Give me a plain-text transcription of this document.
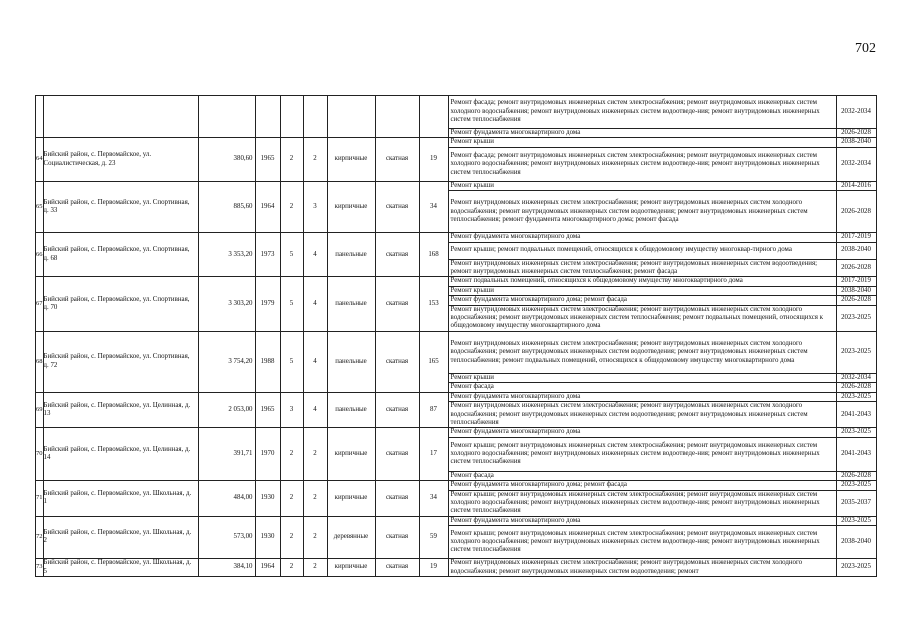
702
									Ремонт фасада; ремонт внутридомовых инженерных систем электроснабжения; ремонт внутридомовых инженерных систем холодного водоснабжения; ремонт внутридомовых инженерных систем водоотведе-ния; ремонт внутридомовых инженерных систем теплоснабжения	2032-2034
									Ремонт фундамента многоквартирного дома	2026-2028
64	Бийский район, с. Первомайское, ул. Социалистическая, д. 23	380,60	1965	2	2	кирпичные	скатная	19	Ремонт крыши	2038-2040
									Ремонт фасада; ремонт внутридомовых инженерных систем электроснабжения; ремонт внутридомовых инженерных систем холодного водоснабжения; ремонт внутридомовых инженерных систем водоотведе-ния; ремонт внутридомовых инженерных систем теплоснабжения	2032-2034
65	Бийский район, с. Первомайское, ул. Спортивная, д. 33	885,60	1964	2	3	кирпичные	скатная	34	Ремонт крыши	2014-2016
									Ремонт внутридомовых инженерных систем электроснабжения; ремонт внутридомовых инженерных систем холодного водоснабжения; ремонт внутридомовых инженерных систем водоотведения; ремонт внутридомовых инженерных систем теплоснабжения; ремонт фундамента многоквартирного дома; ремонт фасада	2026-2028
66	Бийский район, с. Первомайское, ул. Спортивная, д. 68	3 353,20	1973	5	4	панельные	скатная	168	Ремонт фундамента многоквартирного дома	2017-2019
									Ремонт крыши; ремонт подвальных помещений, относящихся к общедомовому имуществу многоквар-тирного дома	2038-2040
									Ремонт внутридомовых инженерных систем электроснабжения; ремонт внутридомовых инженерных систем водоотведения; ремонт внутридомовых инженерных систем теплоснабжения; ремонт фасада	2026-2028
67	Бийский район, с. Первомайское, ул. Спортивная, д. 70	3 303,20	1979	5	4	панельные	скатная	153	Ремонт подвальных помещений, относящихся к общедомовому имуществу многоквартирного дома	2017-2019
									Ремонт крыши	2038-2040
									Ремонт фундамента многоквартирного дома; ремонт фасада	2026-2028
									Ремонт внутридомовых инженерных систем электроснабжения; ремонт внутридомовых инженерных систем холодного водоснабжения; ремонт внутридомовых инженерных систем теплоснабжения; ремонт подвальных помещений, относящихся к общедомовому имуществу многоквартирного дома	2023-2025
68	Бийский район, с. Первомайское, ул. Спортивная, д. 72	3 754,20	1988	5	4	панельные	скатная	165	Ремонт внутридомовых инженерных систем электроснабжения; ремонт внутридомовых инженерных систем холодного водоснабжения; ремонт внутридомовых инженерных систем водоотведения; ремонт внутридомовых инженерных систем теплоснабжения; ремонт подвальных помещений, относящихся к общедомовому имуществу многоквартирного дома	2023-2025
									Ремонт крыши	2032-2034
									Ремонт фасада	2026-2028
69	Бийский район, с. Первомайское, ул. Целинная, д. 13	2 053,00	1965	3	4	панельные	скатная	87	Ремонт фундамента многоквартирного дома	2023-2025
									Ремонт внутридомовых инженерных систем электроснабжения; ремонт внутридомовых инженерных систем холодного водоснабжения; ремонт внутридомовых инженерных систем водоотведения; ремонт внутридомовых инженерных систем теплоснабжения	2041-2043
70	Бийский район, с. Первомайское, ул. Целинная, д. 14	391,71	1970	2	2	кирпичные	скатная	17	Ремонт фундамента многоквартирного дома	2023-2025
									Ремонт крыши; ремонт внутридомовых инженерных систем электроснабжения; ремонт внутридомовых инженерных систем холодного водоснабжения; ремонт внутридомовых инженерных систем водоотведе-ния; ремонт внутридомовых инженерных систем теплоснабжения	2041-2043
									Ремонт фасада	2026-2028
71	Бийский район, с. Первомайское, ул. Школьная, д. 1	484,00	1930	2	2	кирпичные	скатная	34	Ремонт фундамента многоквартирного дома; ремонт фасада	2023-2025
									Ремонт крыши; ремонт внутридомовых инженерных систем электроснабжения; ремонт внутридомовых инженерных систем холодного водоснабжения; ремонт внутридомовых инженерных систем водоотведе-ния; ремонт внутридомовых инженерных систем теплоснабжения	2035-2037
72	Бийский район, с. Первомайское, ул. Школьная, д. 2	573,00	1930	2	2	деревянные	скатная	59	Ремонт фундамента многоквартирного дома	2023-2025
									Ремонт крыши; ремонт внутридомовых инженерных систем электроснабжения; ремонт внутридомовых инженерных систем холодного водоснабжения; ремонт внутридомовых инженерных систем водоотведе-ния; ремонт внутридомовых инженерных систем теплоснабжения	2038-2040
73	Бийский район, с. Первомайское, ул. Школьная, д. 5	384,10	1964	2	2	кирпичные	скатная	19	Ремонт внутридомовых инженерных систем электроснабжения; ремонт внутридомовых инженерных систем холодного водоснабжения; ремонт внутридомовых инженерных систем водоотведения; ремонт	2023-2025
